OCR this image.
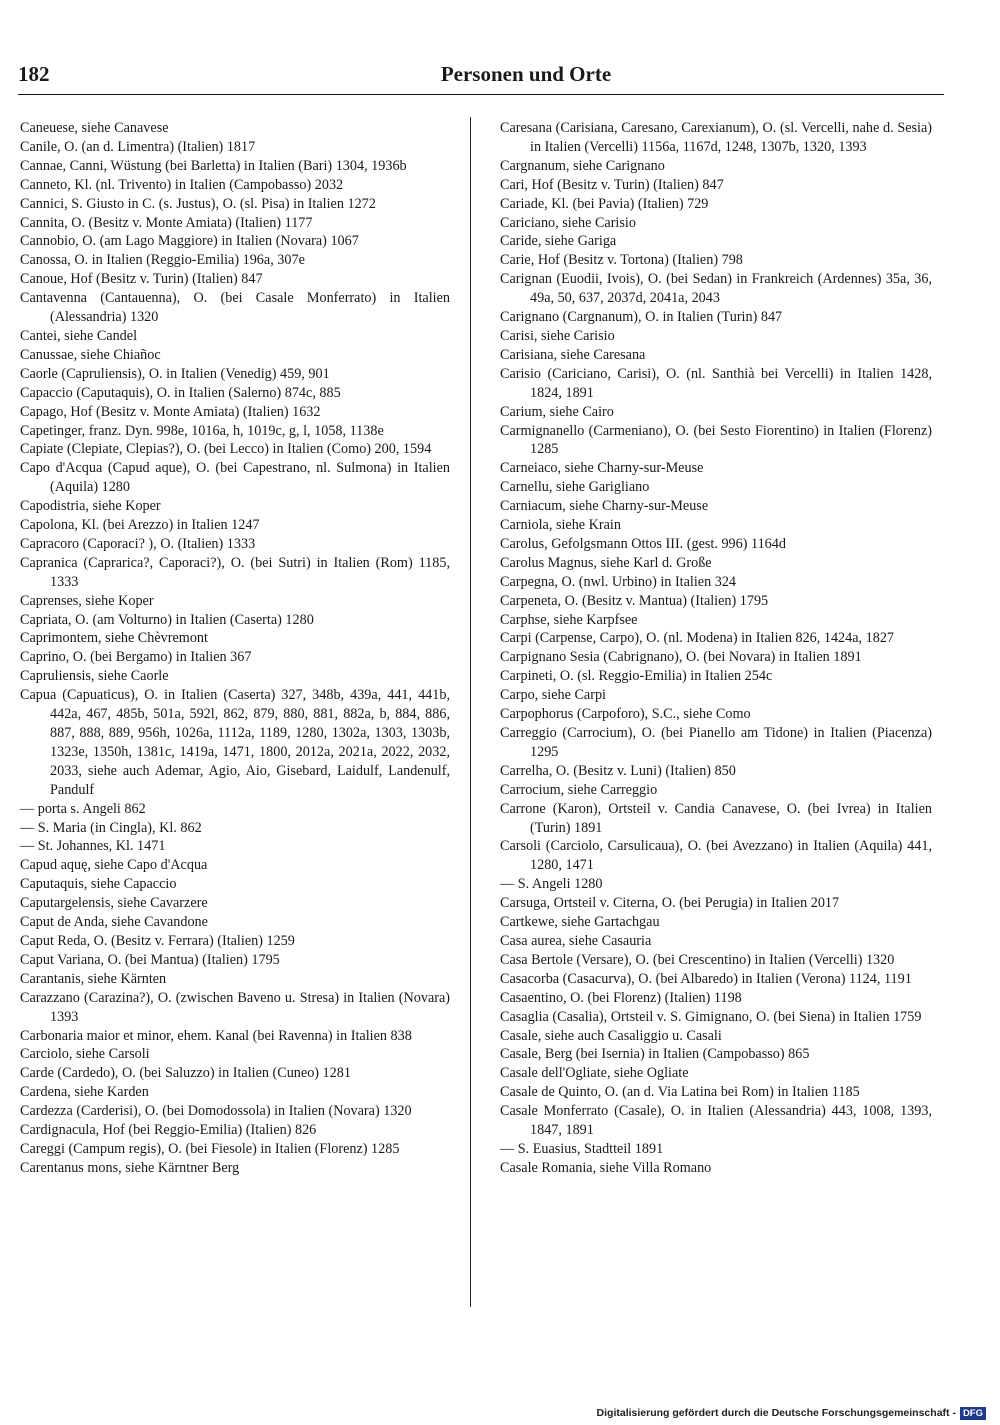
182	Personen und Orte

Caneuese, siehe Canavese

Canile, O. (an d. Limentra) (Italien) 1817

Cannae, Canni, Wüstung (bei Barletta) in Italien (Bari) 1304, 1936b

Canneto, Kl. (nl. Trivento) in Italien (Campobasso) 2032

Cannici, S. Giusto in C. (s. Justus), O. (sl. Pisa) in Italien 1272

Cannita, O. (Besitz v. Monte Amiata) (Italien) 1177

Cannobio, O. (am Lago Maggiore) in Italien (Novara) 1067

Canossa, O. in Italien (Reggio-Emilia) 196a, 307e

Canoue, Hof (Besitz v. Turin) (Italien) 847

Cantavenna (Cantauenna), O. (bei Casale Monferrato) in Italien (Alessandria) 1320

Cantei, siehe Candel

Canussae, siehe Chiañoc

Caorle (Capruliensis), O. in Italien (Venedig) 459, 901

Capaccio (Caputaquis), O. in Italien (Salerno) 874c, 885

Capago, Hof (Besitz v. Monte Amiata) (Italien) 1632

Capetinger, franz. Dyn. 998e, 1016a, h, 1019c, g, l, 1058, 1138e

Capiate (Clepiate, Clepias?), O. (bei Lecco) in Italien (Como) 200, 1594

Capo d'Acqua (Capud aque), O. (bei Capestrano, nl. Sulmona) in Italien (Aquila) 1280

Capodistria, siehe Koper

Capolona, Kl. (bei Arezzo) in Italien 1247

Capracoro (Caporaci? ), O. (Italien) 1333

Capranica (Caprarica?, Caporaci?), O. (bei Sutri) in Italien (Rom) 1185, 1333

Caprenses, siehe Koper

Capriata, O. (am Volturno) in Italien (Caserta) 1280

Caprimontem, siehe Chèvremont

Caprino, O. (bei Bergamo) in Italien 367

Capruliensis, siehe Caorle

Capua (Capuaticus), O. in Italien (Caserta) 327, 348b, 439a, 441, 441b, 442a, 467, 485b, 501a, 592l, 862, 879, 880, 881, 882a, b, 884, 886, 887, 888, 889, 956h, 1026a, 1112a, 1189, 1280, 1302a, 1303, 1303b, 1323e, 1350h, 1381c, 1419a, 1471, 1800, 2012a, 2021a, 2022, 2032, 2033, siehe auch Ademar, Agio, Aio, Gisebard, Laidulf, Landenulf, Pandulf

— porta s. Angeli 862

— S. Maria (in Cingla), Kl. 862

— St. Johannes, Kl. 1471

Capud aquę, siehe Capo d'Acqua

Caputaquis, siehe Capaccio

Caputargelensis, siehe Cavarzere

Caput de Anda, siehe Cavandone

Caput Reda, O. (Besitz v. Ferrara) (Italien) 1259

Caput Variana, O. (bei Mantua) (Italien) 1795

Carantanis, siehe Kärnten

Carazzano (Carazina?), O. (zwischen Baveno u. Stresa) in Italien (Novara) 1393

Carbonaria maior et minor, ehem. Kanal (bei Ravenna) in Italien 838

Carciolo, siehe Carsoli

Carde (Cardedo), O. (bei Saluzzo) in Italien (Cuneo) 1281

Cardena, siehe Karden

Cardezza (Carderisi), O. (bei Domodossola) in Italien (Novara) 1320

Cardignacula, Hof (bei Reggio-Emilia) (Italien) 826

Careggi (Campum regis), O. (bei Fiesole) in Italien (Florenz) 1285

Carentanus mons, siehe Kärntner Berg

Caresana (Carisiana, Caresano, Carexianum), O. (sl. Vercelli, nahe d. Sesia) in Italien (Vercelli) 1156a, 1167d, 1248, 1307b, 1320, 1393

Cargnanum, siehe Carignano

Cari, Hof (Besitz v. Turin) (Italien) 847

Cariade, Kl. (bei Pavia) (Italien) 729

Cariciano, siehe Carisio

Caride, siehe Gariga

Carie, Hof (Besitz v. Tortona) (Italien) 798

Carignan (Euodii, Ivois), O. (bei Sedan) in Frankreich (Ardennes) 35a, 36, 49a, 50, 637, 2037d, 2041a, 2043

Carignano (Cargnanum), O. in Italien (Turin) 847

Carisi, siehe Carisio

Carisiana, siehe Caresana

Carisio (Cariciano, Carisi), O. (nl. Santhià bei Vercelli) in Italien 1428, 1824, 1891

Carium, siehe Cairo

Carmignanello (Carmeniano), O. (bei Sesto Fiorentino) in Italien (Florenz) 1285

Carneiaco, siehe Charny-sur-Meuse

Carnellu, siehe Garigliano

Carniacum, siehe Charny-sur-Meuse

Carniola, siehe Krain

Carolus, Gefolgsmann Ottos III. (gest. 996) 1164d

Carolus Magnus, siehe Karl d. Große

Carpegna, O. (nwl. Urbino) in Italien 324

Carpeneta, O. (Besitz v. Mantua) (Italien) 1795

Carphse, siehe Karpfsee

Carpi (Carpense, Carpo), O. (nl. Modena) in Italien 826, 1424a, 1827

Carpignano Sesia (Cabrignano), O. (bei Novara) in Italien 1891

Carpineti, O. (sl. Reggio-Emilia) in Italien 254c

Carpo, siehe Carpi

Carpophorus (Carpoforo), S.C., siehe Como

Carreggio (Carrocium), O. (bei Pianello am Tidone) in Italien (Piacenza) 1295

Carrelha, O. (Besitz v. Luni) (Italien) 850

Carrocium, siehe Carreggio

Carrone (Karon), Ortsteil v. Candia Canavese, O. (bei Ivrea) in Italien (Turin) 1891

Carsoli (Carciolo, Carsulicaua), O. (bei Avezzano) in Italien (Aquila) 441, 1280, 1471

— S. Angeli 1280

Carsuga, Ortsteil v. Citerna, O. (bei Perugia) in Italien 2017

Cartkewe, siehe Gartachgau

Casa aurea, siehe Casauria

Casa Bertole (Versare), O. (bei Crescentino) in Italien (Vercelli) 1320

Casacorba (Casacurva), O. (bei Albaredo) in Italien (Verona) 1124, 1191

Casaentino, O. (bei Florenz) (Italien) 1198

Casaglia (Casalia), Ortsteil v. S. Gimignano, O. (bei Siena) in Italien 1759

Casale, siehe auch Casaliggio u. Casali

Casale, Berg (bei Isernia) in Italien (Campobasso) 865

Casale dell'Ogliate, siehe Ogliate

Casale de Quinto, O. (an d. Via Latina bei Rom) in Italien 1185

Casale Monferrato (Casale), O. in Italien (Alessandria) 443, 1008, 1393, 1847, 1891

— S. Euasius, Stadtteil 1891

Casale Romania, siehe Villa Romano

Digitalisierung gefördert durch die Deutsche Forschungsgemeinschaft - DFG
